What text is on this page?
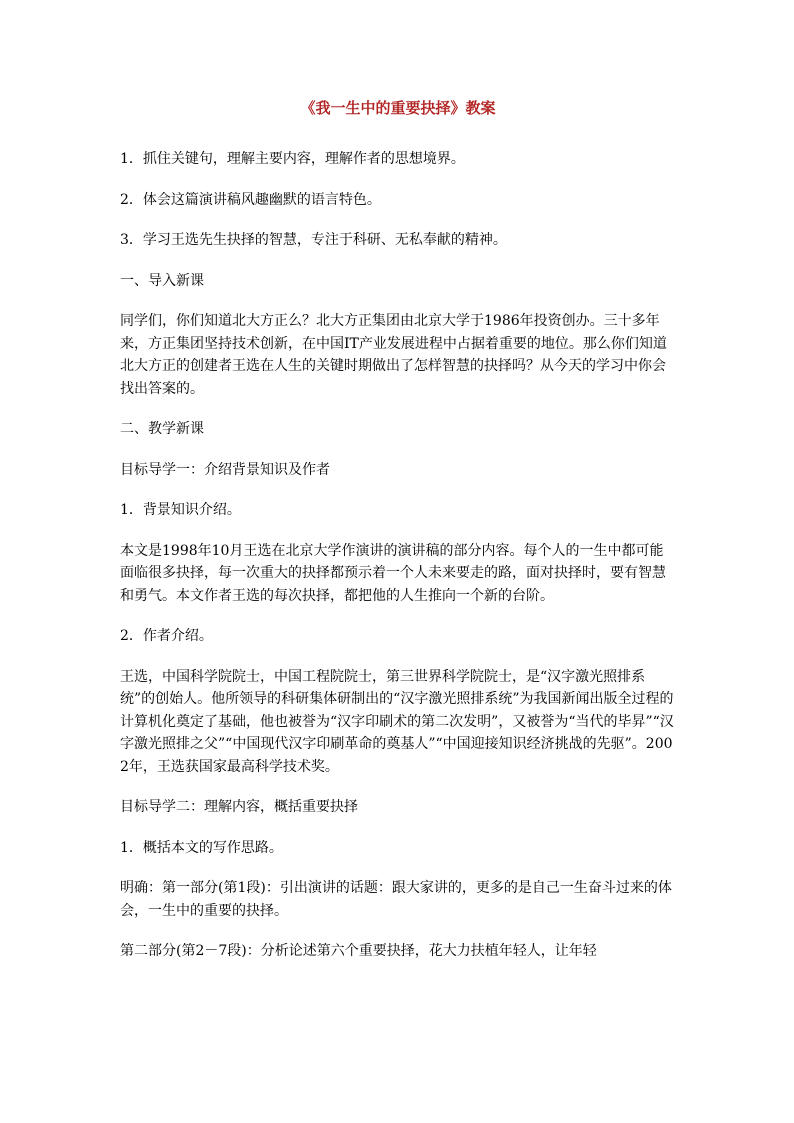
《我一生中的重要抉择》教案

1．抓住关键句，理解主要内容，理解作者的思想境界。

2．体会这篇演讲稿风趣幽默的语言特色。

3．学习王选先生抉择的智慧，专注于科研、无私奉献的精神。

一、导入新课

同学们，你们知道北大方正么？北大方正集团由北京大学于1986年投资创办。三十多年来，方正集团坚持技术创新，在中国IT产业发展进程中占据着重要的地位。那么你们知道北大方正的创建者王选在人生的关键时期做出了怎样智慧的抉择吗？从今天的学习中你会找出答案的。

二、教学新课

目标导学一：介绍背景知识及作者

1．背景知识介绍。

本文是1998年10月王选在北京大学作演讲的演讲稿的部分内容。每个人的一生中都可能面临很多抉择，每一次重大的抉择都预示着一个人未来要走的路，面对抉择时，要有智慧和勇气。本文作者王选的每次抉择，都把他的人生推向一个新的台阶。

2．作者介绍。

王选，中国科学院院士，中国工程院院士，第三世界科学院院士，是“汉字激光照排系统”的创始人。他所领导的科研集体研制出的“汉字激光照排系统”为我国新闻出版全过程的计算机化奠定了基础，他也被誉为“汉字印刷术的第二次发明”，又被誉为“当代的毕昇”“汉字激光照排之父”“中国现代汉字印刷革命的奠基人”“中国迎接知识经济挑战的先驱”。2002年，王选获国家最高科学技术奖。

目标导学二：理解内容，概括重要抉择

1．概括本文的写作思路。

明确：第一部分(第1段)：引出演讲的话题：跟大家讲的，更多的是自己一生奋斗过来的体会，一生中的重要的抉择。

第二部分(第2－7段)：分析论述第六个重要抉择，花大力扶植年轻人，让年轻
